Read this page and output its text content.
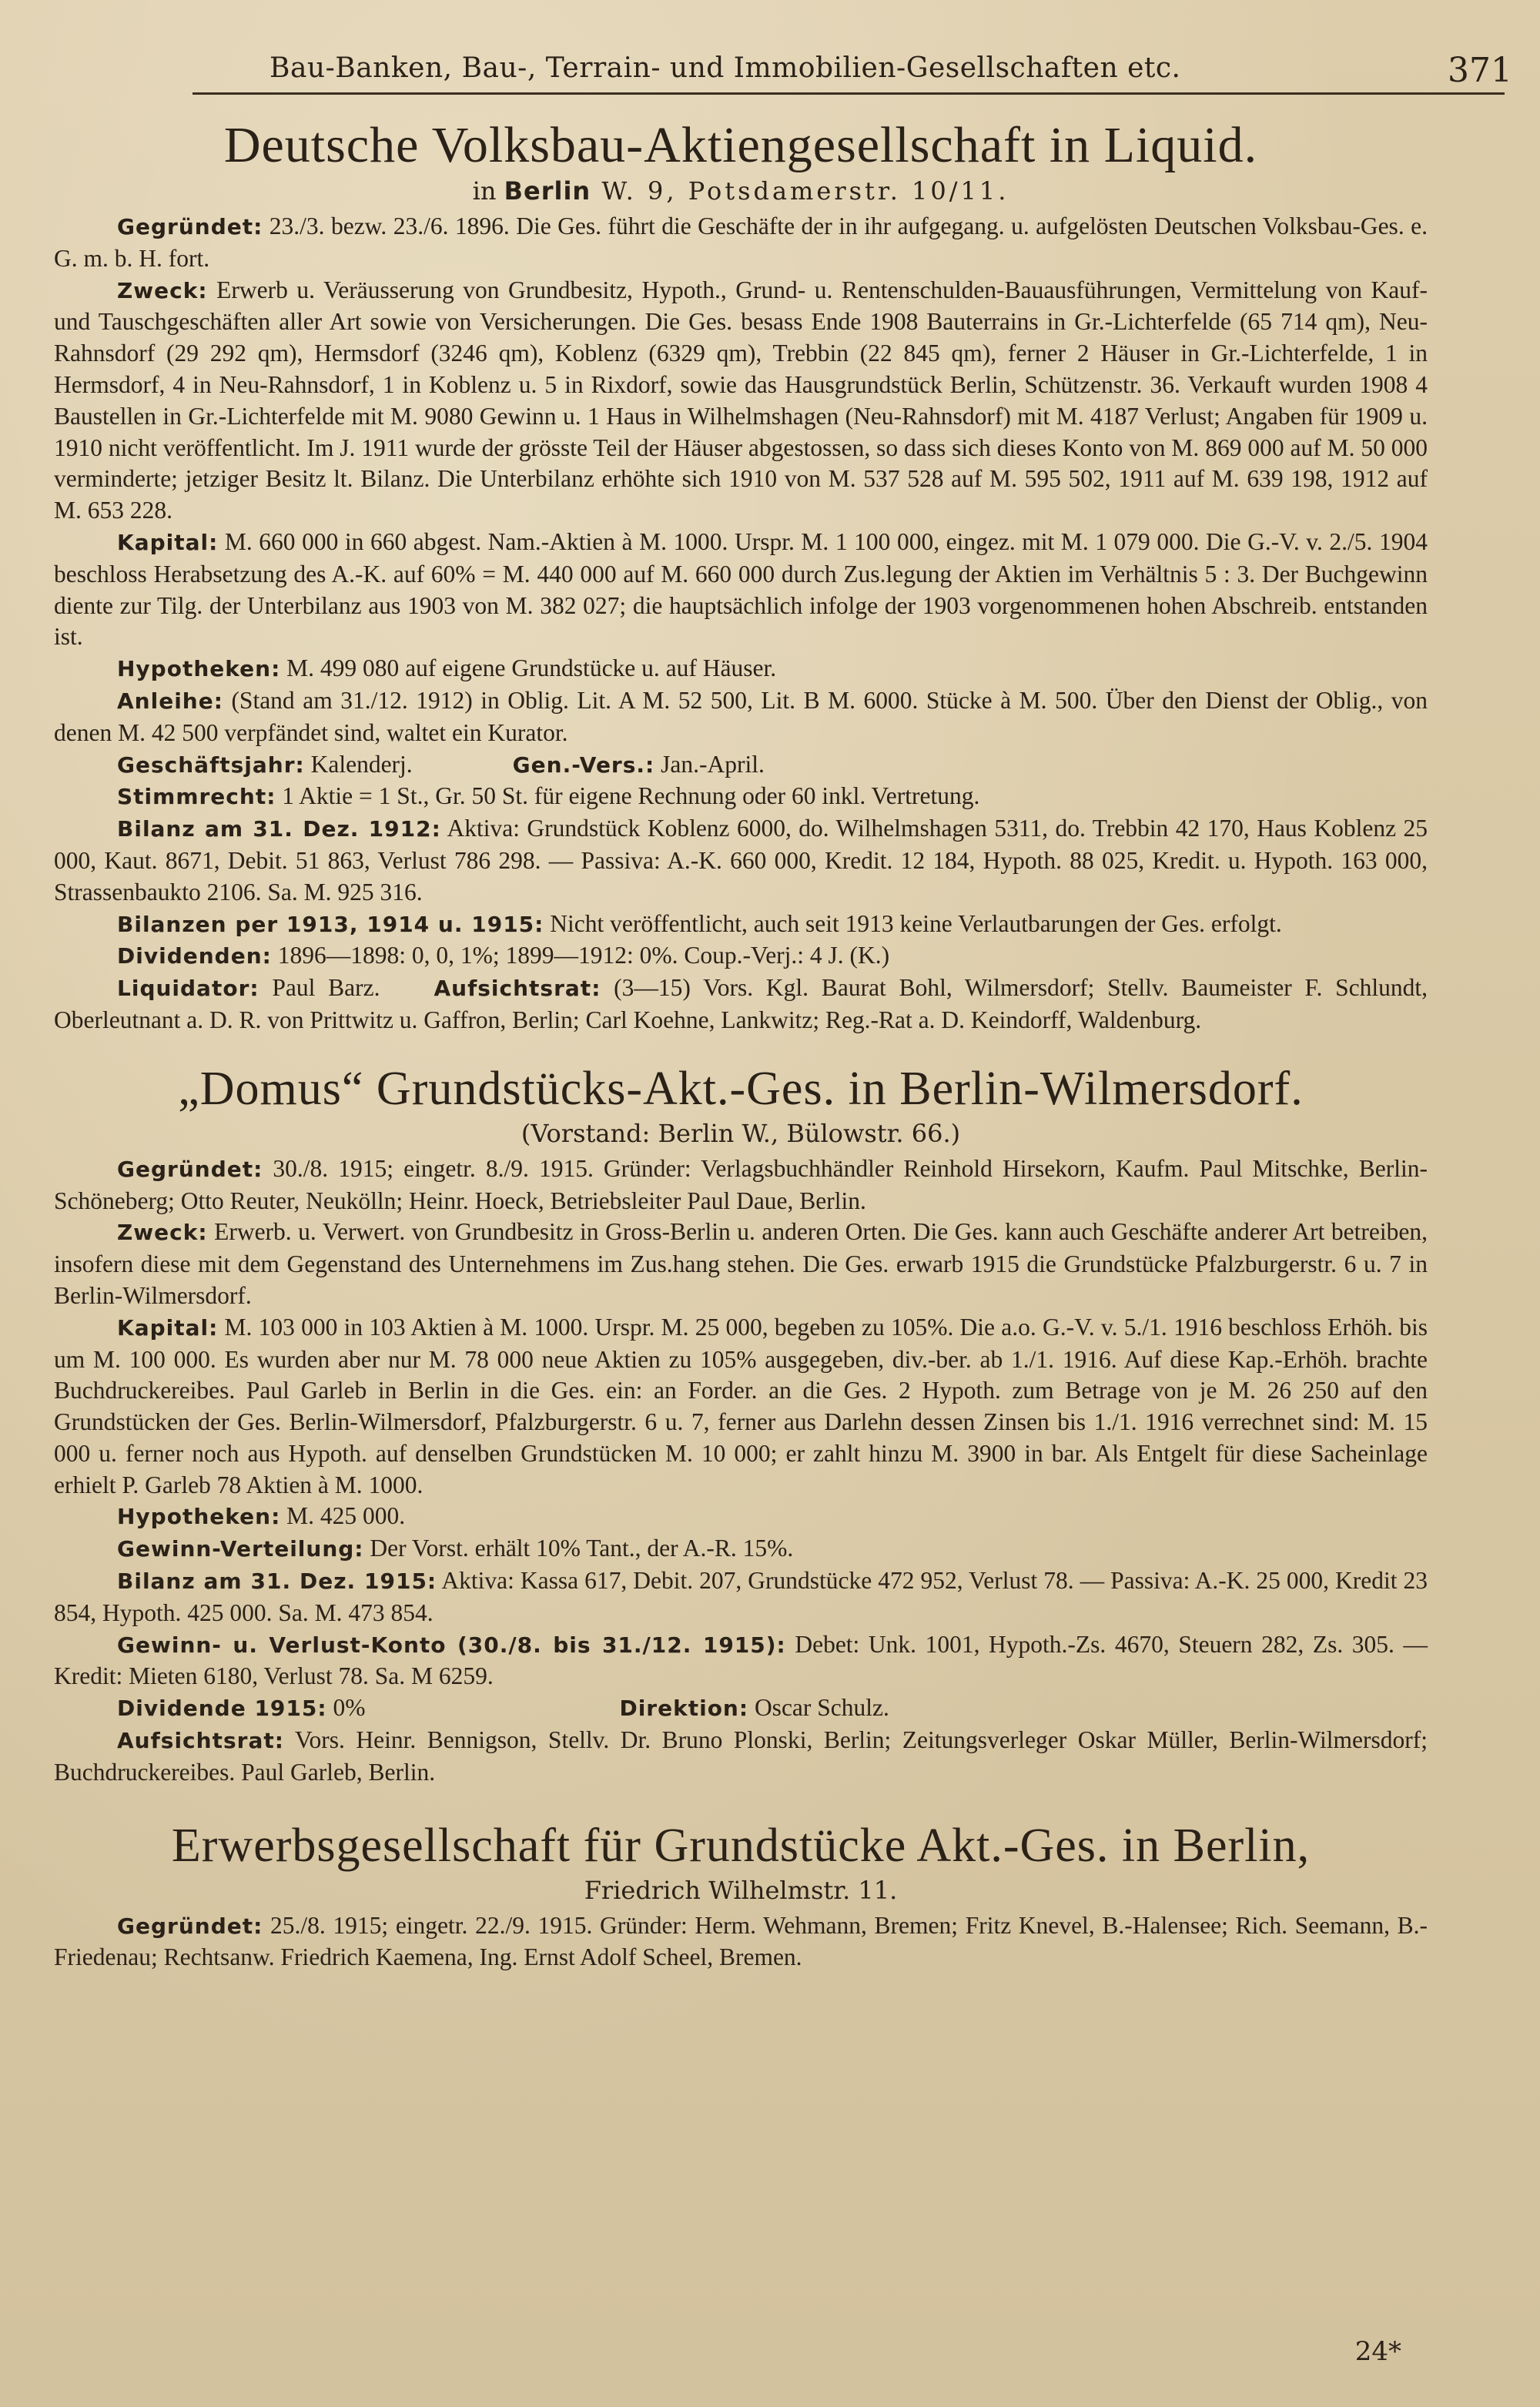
Bau-Banken, Bau-, Terrain- und Immobilien-Gesellschaften etc.	371
Deutsche Volksbau-Aktiengesellschaft in Liquid.
in Berlin W. 9, Potsdamerstr. 10/11.

Gegründet: 23./3. bezw. 23./6. 1896. Die Ges. führt die Geschäfte der in ihr aufgegang. u. aufgelösten Deutschen Volksbau-Ges. e. G. m. b. H. fort.

Zweck: Erwerb u. Veräusserung von Grundbesitz, Hypoth., Grund- u. Rentenschulden-Bauausführungen, Vermittelung von Kauf- und Tauschgeschäften aller Art sowie von Versicherungen. Die Ges. besass Ende 1908 Bauterrains in Gr.-Lichterfelde (65 714 qm), Neu-Rahnsdorf (29 292 qm), Hermsdorf (3246 qm), Koblenz (6329 qm), Trebbin (22 845 qm), ferner 2 Häuser in Gr.-Lichterfelde, 1 in Hermsdorf, 4 in Neu-Rahnsdorf, 1 in Koblenz u. 5 in Rixdorf, sowie das Hausgrundstück Berlin, Schützenstr. 36. Verkauft wurden 1908 4 Baustellen in Gr.-Lichterfelde mit M. 9080 Gewinn u. 1 Haus in Wilhelmshagen (Neu-Rahnsdorf) mit M. 4187 Verlust; Angaben für 1909 u. 1910 nicht veröffentlicht. Im J. 1911 wurde der grösste Teil der Häuser abgestossen, so dass sich dieses Konto von M. 869 000 auf M. 50 000 verminderte; jetziger Besitz lt. Bilanz. Die Unterbilanz erhöhte sich 1910 von M. 537 528 auf M. 595 502, 1911 auf M. 639 198, 1912 auf M. 653 228.

Kapital: M. 660 000 in 660 abgest. Nam.-Aktien à M. 1000. Urspr. M. 1 100 000, eingez. mit M. 1 079 000. Die G.-V. v. 2./5. 1904 beschloss Herabsetzung des A.-K. auf 60% = M. 440 000 auf M. 660 000 durch Zus.legung der Aktien im Verhältnis 5 : 3. Der Buchgewinn diente zur Tilg. der Unterbilanz aus 1903 von M. 382 027; die hauptsächlich infolge der 1903 vorgenommenen hohen Abschreib. entstanden ist.

Hypotheken: M. 499 080 auf eigene Grundstücke u. auf Häuser.

Anleihe: (Stand am 31./12. 1912) in Oblig. Lit. A M. 52 500, Lit. B M. 6000. Stücke à M. 500. Über den Dienst der Oblig., von denen M. 42 500 verpfändet sind, waltet ein Kurator.

Geschäftsjahr: Kalenderj.	Gen.-Vers.: Jan.-April.

Stimmrecht: 1 Aktie = 1 St., Gr. 50 St. für eigene Rechnung oder 60 inkl. Vertretung.

Bilanz am 31. Dez. 1912: Aktiva: Grundstück Koblenz 6000, do. Wilhelmshagen 5311, do. Trebbin 42 170, Haus Koblenz 25 000, Kaut. 8671, Debit. 51 863, Verlust 786 298. — Passiva: A.-K. 660 000, Kredit. 12 184, Hypoth. 88 025, Kredit. u. Hypoth. 163 000, Strassenbaukto 2106. Sa. M. 925 316.

Bilanzen per 1913, 1914 u. 1915: Nicht veröffentlicht, auch seit 1913 keine Verlautbarungen der Ges. erfolgt.

Dividenden: 1896—1898: 0, 0, 1%; 1899—1912: 0%. Coup.-Verj.: 4 J. (K.)

Liquidator: Paul Barz.	Aufsichtsrat: (3—15) Vors. Kgl. Baurat Bohl, Wilmersdorf; Stellv. Baumeister F. Schlundt, Oberleutnant a. D. R. von Prittwitz u. Gaffron, Berlin; Carl Koehne, Lankwitz; Reg.-Rat a. D. Keindorff, Waldenburg.

„Domus“ Grundstücks-Akt.-Ges. in Berlin-Wilmersdorf.
(Vorstand: Berlin W., Bülowstr. 66.)

Gegründet: 30./8. 1915; eingetr. 8./9. 1915. Gründer: Verlagsbuchhändler Reinhold Hirsekorn, Kaufm. Paul Mitschke, Berlin-Schöneberg; Otto Reuter, Neukölln; Heinr. Hoeck, Betriebsleiter Paul Daue, Berlin.

Zweck: Erwerb. u. Verwert. von Grundbesitz in Gross-Berlin u. anderen Orten. Die Ges. kann auch Geschäfte anderer Art betreiben, insofern diese mit dem Gegenstand des Unternehmens im Zus.hang stehen. Die Ges. erwarb 1915 die Grundstücke Pfalzburgerstr. 6 u. 7 in Berlin-Wilmersdorf.

Kapital: M. 103 000 in 103 Aktien à M. 1000. Urspr. M. 25 000, begeben zu 105%. Die a.o. G.-V. v. 5./1. 1916 beschloss Erhöh. bis um M. 100 000. Es wurden aber nur M. 78 000 neue Aktien zu 105% ausgegeben, div.-ber. ab 1./1. 1916. Auf diese Kap.-Erhöh. brachte Buchdruckereibes. Paul Garleb in Berlin in die Ges. ein: an Forder. an die Ges. 2 Hypoth. zum Betrage von je M. 26 250 auf den Grundstücken der Ges. Berlin-Wilmersdorf, Pfalzburgerstr. 6 u. 7, ferner aus Darlehn dessen Zinsen bis 1./1. 1916 verrechnet sind: M. 15 000 u. ferner noch aus Hypoth. auf denselben Grundstücken M. 10 000; er zahlt hinzu M. 3900 in bar. Als Entgelt für diese Sacheinlage erhielt P. Garleb 78 Aktien à M. 1000.

Hypotheken: M. 425 000.

Gewinn-Verteilung: Der Vorst. erhält 10% Tant., der A.-R. 15%.

Bilanz am 31. Dez. 1915: Aktiva: Kassa 617, Debit. 207, Grundstücke 472 952, Verlust 78. — Passiva: A.-K. 25 000, Kredit 23 854, Hypoth. 425 000. Sa. M. 473 854.

Gewinn- u. Verlust-Konto (30./8. bis 31./12. 1915): Debet: Unk. 1001, Hypoth.-Zs. 4670, Steuern 282, Zs. 305. — Kredit: Mieten 6180, Verlust 78. Sa. M 6259.

Dividende 1915: 0%	Direktion: Oscar Schulz.

Aufsichtsrat: Vors. Heinr. Bennigson, Stellv. Dr. Bruno Plonski, Berlin; Zeitungsverleger Oskar Müller, Berlin-Wilmersdorf; Buchdruckereibes. Paul Garleb, Berlin.

Erwerbsgesellschaft für Grundstücke Akt.-Ges. in Berlin,
Friedrich Wilhelmstr. 11.

Gegründet: 25./8. 1915; eingetr. 22./9. 1915. Gründer: Herm. Wehmann, Bremen; Fritz Knevel, B.-Halensee; Rich. Seemann, B.-Friedenau; Rechtsanw. Friedrich Kaemena, Ing. Ernst Adolf Scheel, Bremen.

24*
